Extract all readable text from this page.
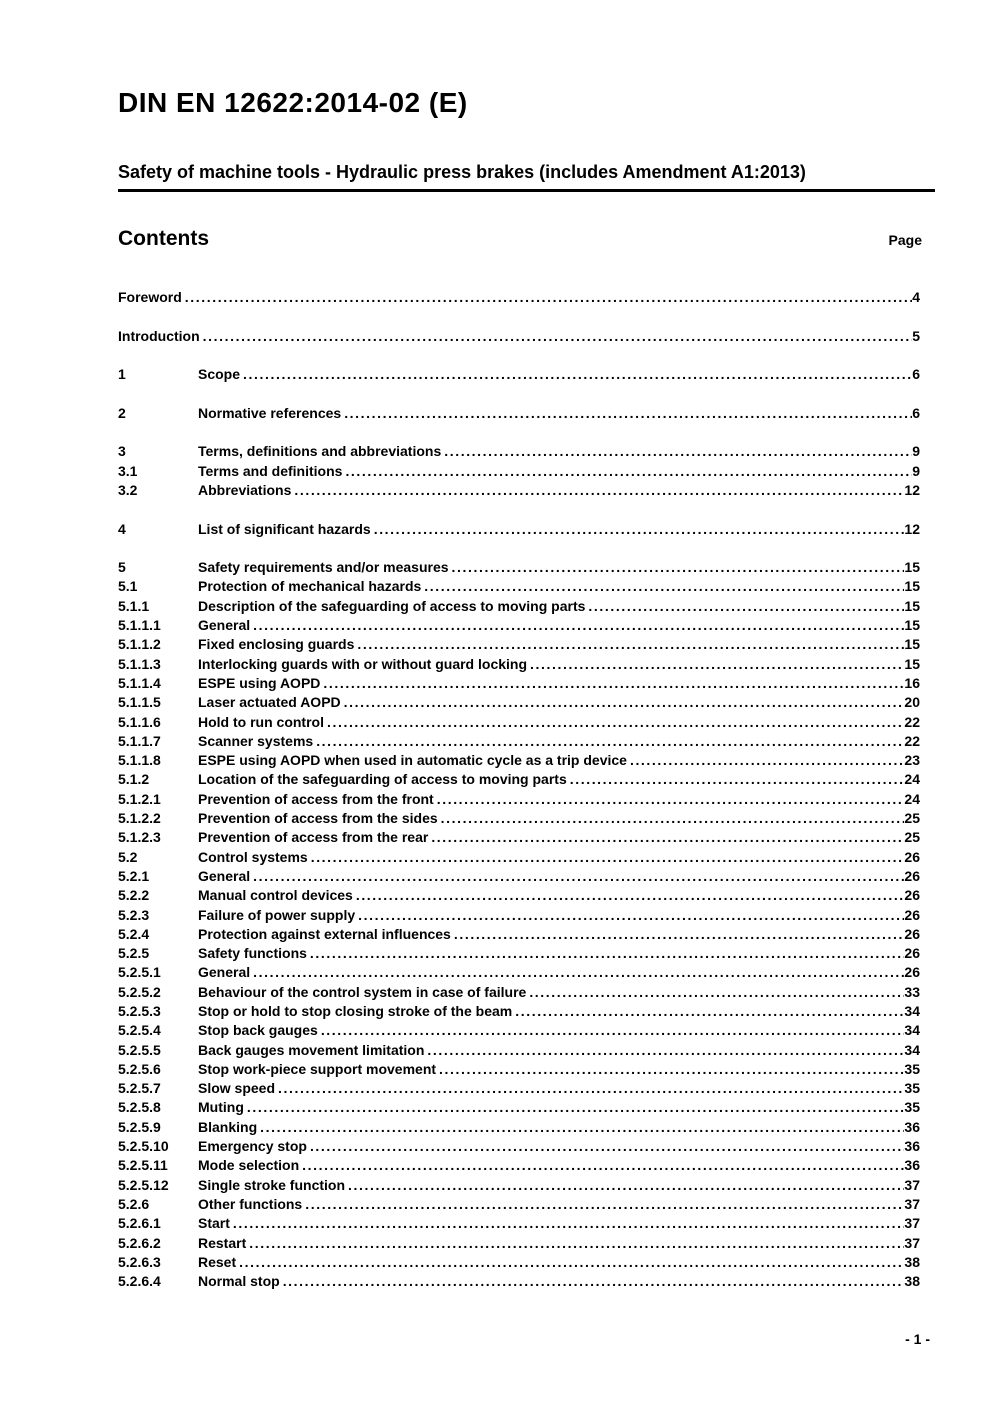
DIN EN 12622:2014-02 (E)
Safety of machine tools - Hydraulic press brakes (includes Amendment A1:2013)
Contents	Page
Foreword .....	4
Introduction .....	5
1	Scope .....	6
2	Normative references .....	6
3	Terms, definitions and abbreviations .....	9
3.1	Terms and definitions .....	9
3.2	Abbreviations .....	12
4	List of significant hazards .....	12
5	Safety requirements and/or measures .....	15
5.1	Protection of mechanical hazards .....	15
5.1.1	Description of the safeguarding of access to moving parts .....	15
5.1.1.1	General .....	15
5.1.1.2	Fixed enclosing guards .....	15
5.1.1.3	Interlocking guards with or without guard locking .....	15
5.1.1.4	ESPE using AOPD .....	16
5.1.1.5	Laser actuated AOPD .....	20
5.1.1.6	Hold to run control .....	22
5.1.1.7	Scanner systems .....	22
5.1.1.8	ESPE using AOPD when used in automatic cycle as a trip device .....	23
5.1.2	Location of the safeguarding of access to moving parts .....	24
5.1.2.1	Prevention of access from the front .....	24
5.1.2.2	Prevention of access from the sides .....	25
5.1.2.3	Prevention of access from the rear .....	25
5.2	Control systems .....	26
5.2.1	General .....	26
5.2.2	Manual control devices .....	26
5.2.3	Failure of power supply .....	26
5.2.4	Protection against external influences .....	26
5.2.5	Safety functions .....	26
5.2.5.1	General .....	26
5.2.5.2	Behaviour of the control system in case of failure .....	33
5.2.5.3	Stop or hold to stop closing stroke of the beam .....	34
5.2.5.4	Stop back gauges .....	34
5.2.5.5	Back gauges movement limitation .....	34
5.2.5.6	Stop work-piece support movement .....	35
5.2.5.7	Slow speed .....	35
5.2.5.8	Muting .....	35
5.2.5.9	Blanking .....	36
5.2.5.10	Emergency stop .....	36
5.2.5.11	Mode selection .....	36
5.2.5.12	Single stroke function .....	37
5.2.6	Other functions .....	37
5.2.6.1	Start .....	37
5.2.6.2	Restart .....	37
5.2.6.3	Reset .....	38
5.2.6.4	Normal stop .....	38
- 1 -
